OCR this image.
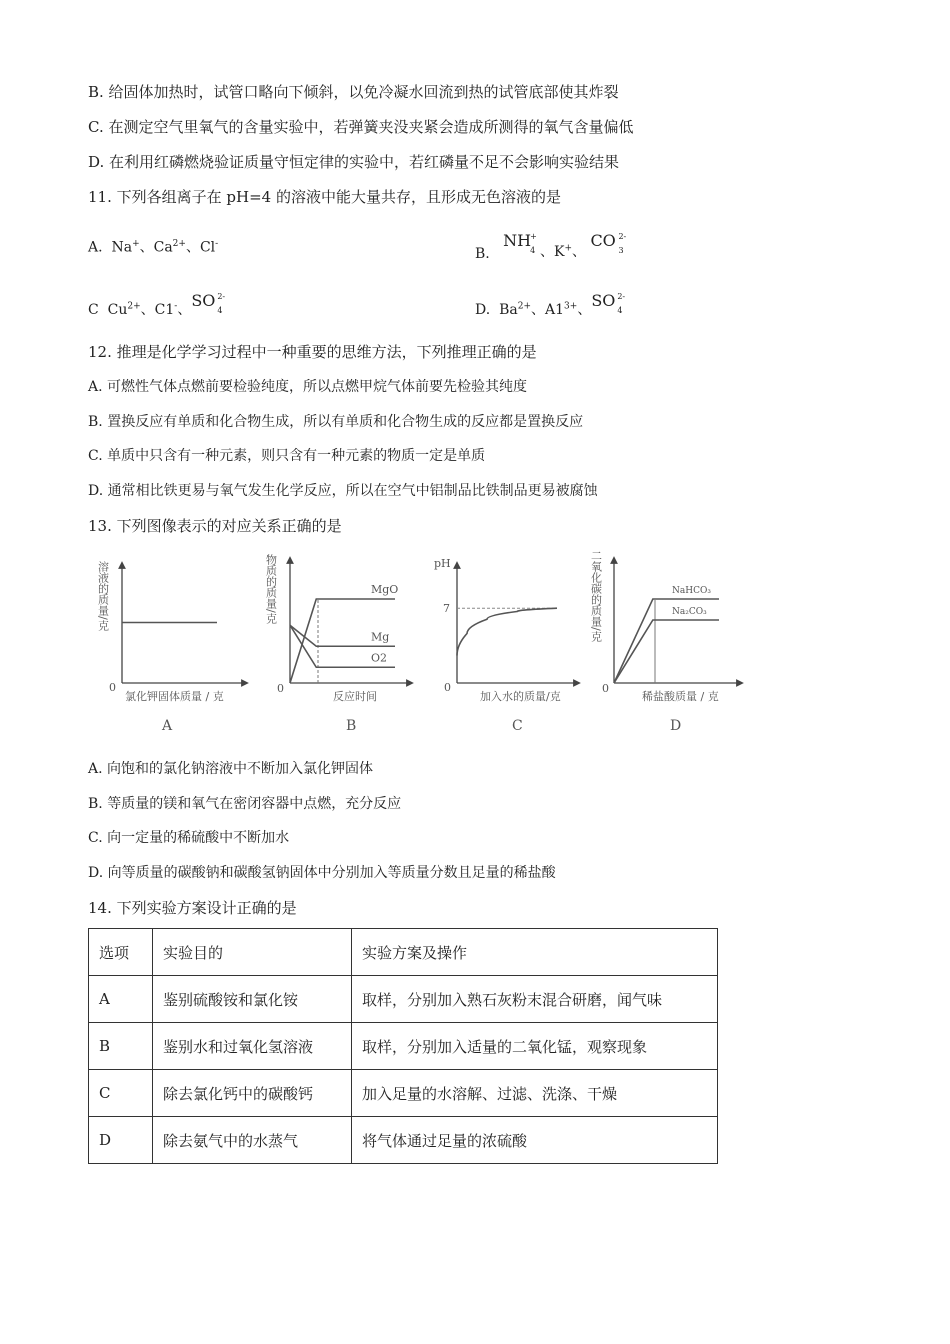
B. 给固体加热时，试管口略向下倾斜，以免冷凝水回流到热的试管底部使其炸裂
C. 在测定空气里氧气的含量实验中，若弹簧夹没夹紧会造成所测得的氧气含量偏低
D. 在利用红磷燃烧验证质量守恒定律的实验中，若红磷量不足不会影响实验结果
11. 下列各组离子在 pH=4 的溶液中能大量共存，且形成无色溶液的是
A.  Na+、$Ca^{2+}$、Cl-
B.   NH +
4 、K+、 CO 2-
3
C $Cu^{2+}$、C1-、SO 2-
4	D. $Ba^{2+}$、$A1^{3+}$、SO 2-
4
12. 推理是化学学习过程中一种重要的思维方法，下列推理正确的是
A. 可燃性气体点燃前要检验纯度，所以点燃甲烷气体前要先检验其纯度
B. 置换反应有单质和化合物生成，所以有单质和化合物生成的反应都是置换反应
C. 单质中只含有一种元素，则只含有一种元素的物质一定是单质
D. 通常相比铁更易与氧气发生化学反应，所以在空气中铝制品比铁制品更易被腐蚀
13. 下列图像表示的对应关系正确的是
0
溶液的质量/克
氯化钾固体质量 / 克
A
0
物质的质量/克
反应时间
MgO
Mg
O2
B
0
pH
加入水的质量/克
7
C
0
二氧化碳的质量/克
稀盐酸质量 / 克
NaHCO₃
Na₂CO₃
D
A. 向饱和的氯化钠溶液中不断加入氯化钾固体
B. 等质量的镁和氧气在密闭容器中点燃，充分反应
C. 向一定量的稀硫酸中不断加水
D. 向等质量的碳酸钠和碳酸氢钠固体中分别加入等质量分数且足量的稀盐酸
14. 下列实验方案设计正确的是
选项	实验目的	实验方案及操作
A	鉴别硫酸铵和氯化铵	取样，分别加入熟石灰粉末混合研磨，闻气味
B	鉴别水和过氧化氢溶液	取样，分别加入适量的二氧化锰，观察现象
C	除去氯化钙中的碳酸钙	加入足量的水溶解、过滤、洗涤、干燥
D	除去氨气中的水蒸气	将气体通过足量的浓硫酸
